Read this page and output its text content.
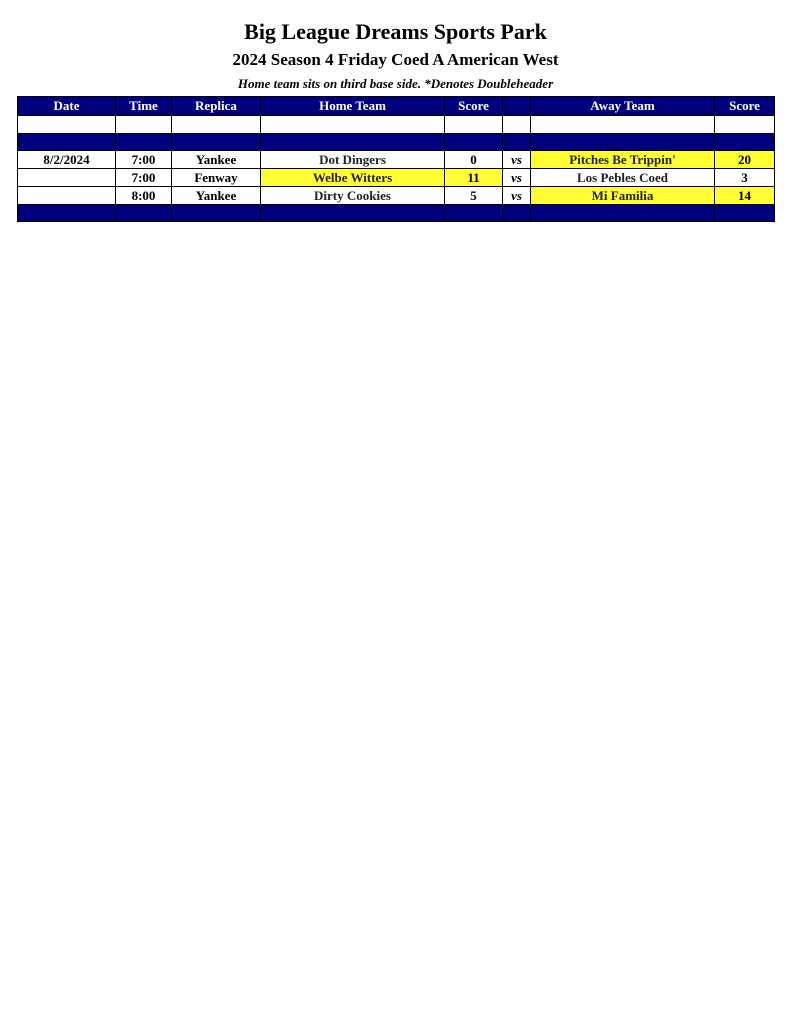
Big League Dreams Sports Park
2024 Season 4 Friday Coed A American West
Home team sits on third base side. *Denotes Doubleheader
Date	Time	Replica	Home Team	Score		Away Team	Score

8/2/2024	7:00	Yankee	Dot Dingers	0	vs	Pitches Be Trippin'	20
	7:00	Fenway	Welbe Witters	11	vs	Los Pebles Coed	3
	8:00	Yankee	Dirty Cookies	5	vs	Mi Familia	14
